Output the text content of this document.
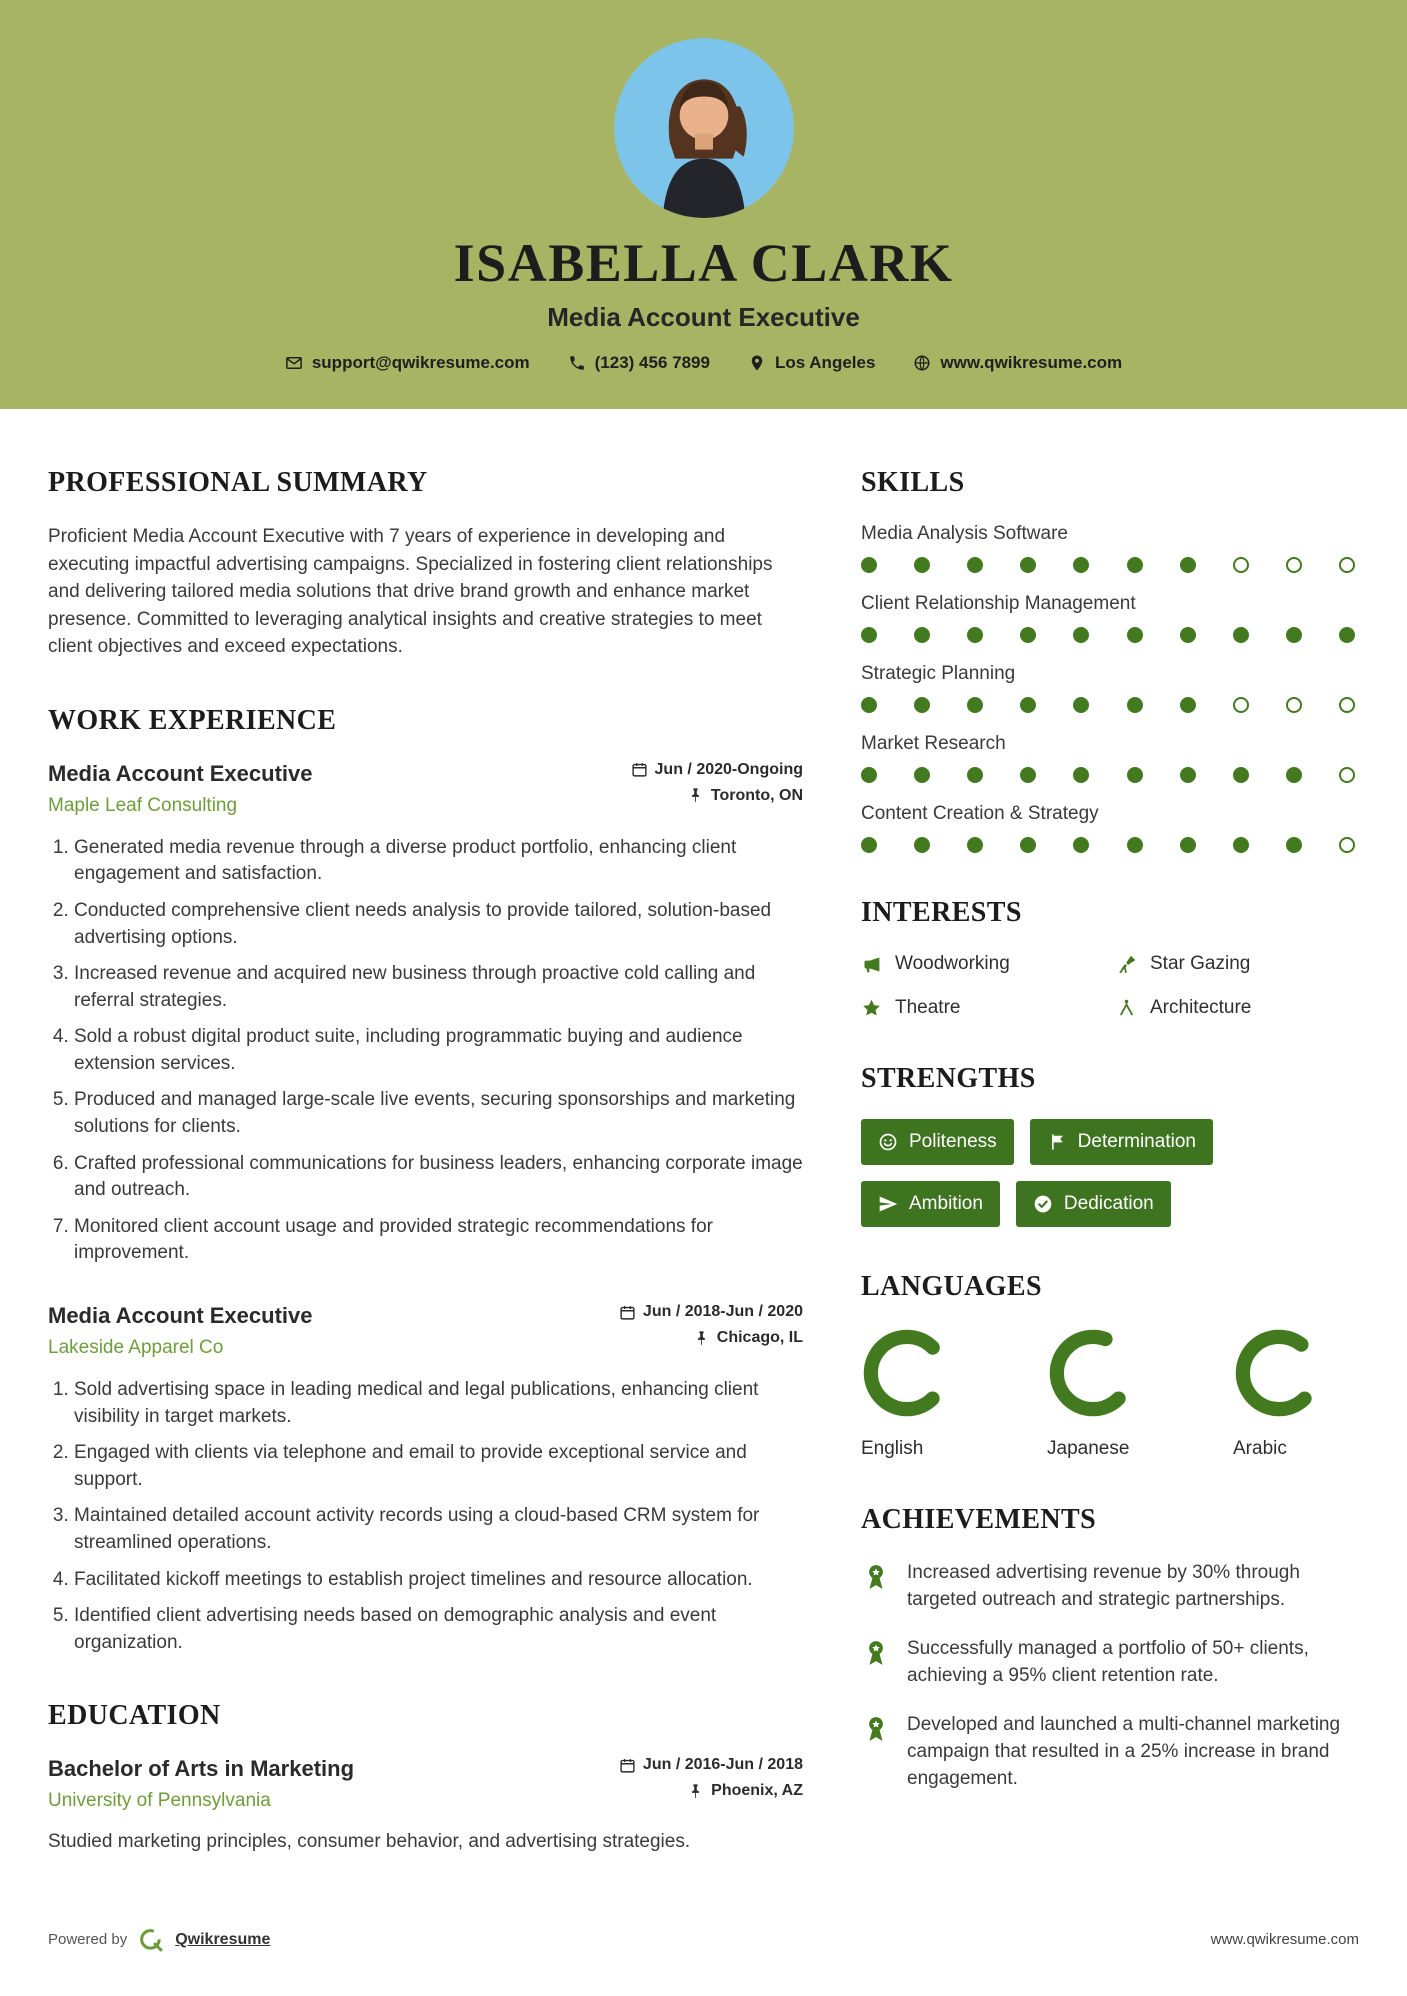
ISABELLA CLARK
Media Account Executive
support@qwikresume.com	(123) 456 7899	Los Angeles	www.qwikresume.com
PROFESSIONAL SUMMARY

Proficient Media Account Executive with 7 years of experience in developing and executing impactful advertising campaigns. Specialized in fostering client relationships and delivering tailored media solutions that drive brand growth and enhance market presence. Committed to leveraging analytical insights and creative strategies to meet client objectives and exceed expectations.

WORK EXPERIENCE
Media Account Executive
Maple Leaf Consulting
Jun / 2020-Ongoing
Toronto, ON
1. Generated media revenue through a diverse product portfolio, enhancing client engagement and satisfaction.
2. Conducted comprehensive client needs analysis to provide tailored, solution-based advertising options.
3. Increased revenue and acquired new business through proactive cold calling and referral strategies.
4. Sold a robust digital product suite, including programmatic buying and audience extension services.
5. Produced and managed large-scale live events, securing sponsorships and marketing solutions for clients.
6. Crafted professional communications for business leaders, enhancing corporate image and outreach.
7. Monitored client account usage and provided strategic recommendations for improvement.
Media Account Executive
Lakeside Apparel Co
Jun / 2018-Jun / 2020
Chicago, IL
1. Sold advertising space in leading medical and legal publications, enhancing client visibility in target markets.
2. Engaged with clients via telephone and email to provide exceptional service and support.
3. Maintained detailed account activity records using a cloud-based CRM system for streamlined operations.
4. Facilitated kickoff meetings to establish project timelines and resource allocation.
5. Identified client advertising needs based on demographic analysis and event organization.
EDUCATION
Bachelor of Arts in Marketing
University of Pennsylvania
Jun / 2016-Jun / 2018
Phoenix, AZ

Studied marketing principles, consumer behavior, and advertising strategies.

SKILLS
Media Analysis Software
Client Relationship Management
Strategic Planning
Market Research
Content Creation & Strategy
INTERESTS
Woodworking	Star Gazing
Theatre	Architecture
STRENGTHS
Politeness	Determination
Ambition	Dedication
LANGUAGES
English	Japanese	Arabic
ACHIEVEMENTS
Increased advertising revenue by 30% through targeted outreach and strategic partnerships.
Successfully managed a portfolio of 50+ clients, achieving a 95% client retention rate.
Developed and launched a multi-channel marketing campaign that resulted in a 25% increase in brand engagement.
Powered by	Qwikresume	www.qwikresume.com
